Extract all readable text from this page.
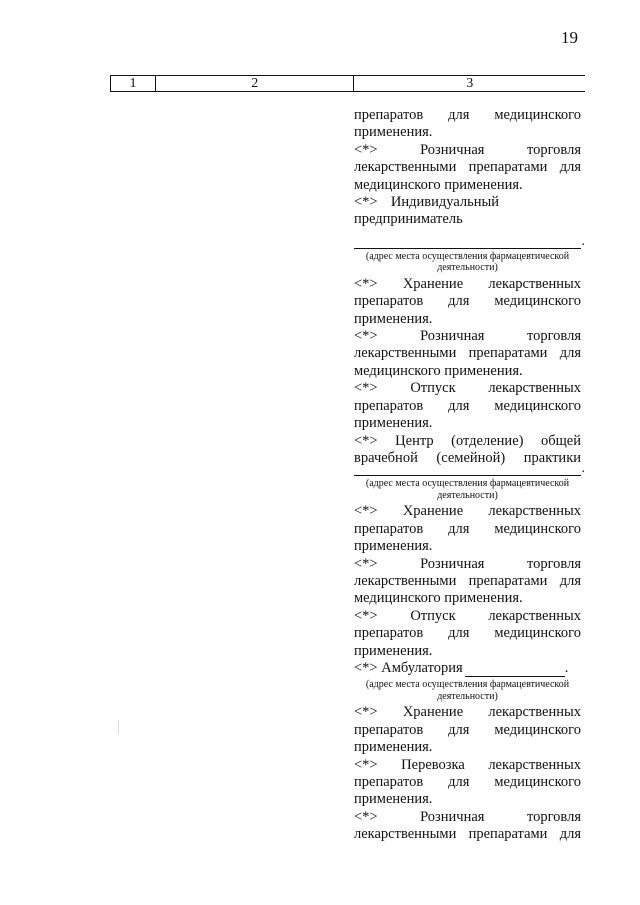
19
1	2	3

препаратов для медицинского применения.

<*> Розничная торговля лекарственными препаратами для медицинского применения.

<*> Индивидуальный предприниматель

.

(адрес места осуществления фармацевтической деятельности)

<*> Хранение лекарственных препаратов для медицинского применения.

<*> Розничная торговля лекарственными препаратами для медицинского применения.

<*> Отпуск лекарственных препаратов для медицинского применения.

<*> Центр (отделение) общей

врачебной (семейной) практики

.

(адрес места осуществления фармацевтической деятельности)

<*> Хранение лекарственных препаратов для медицинского применения.

<*> Розничная торговля лекарственными препаратами для медицинского применения.

<*> Отпуск лекарственных препаратов для медицинского применения.

<*> Амбулатория	.

(адрес места осуществления фармацевтической деятельности)

<*> Хранение лекарственных препаратов для медицинского применения.

<*> Перевозка лекарственных препаратов для медицинского применения.

<*> Розничная торговля лекарственными препаратами для
